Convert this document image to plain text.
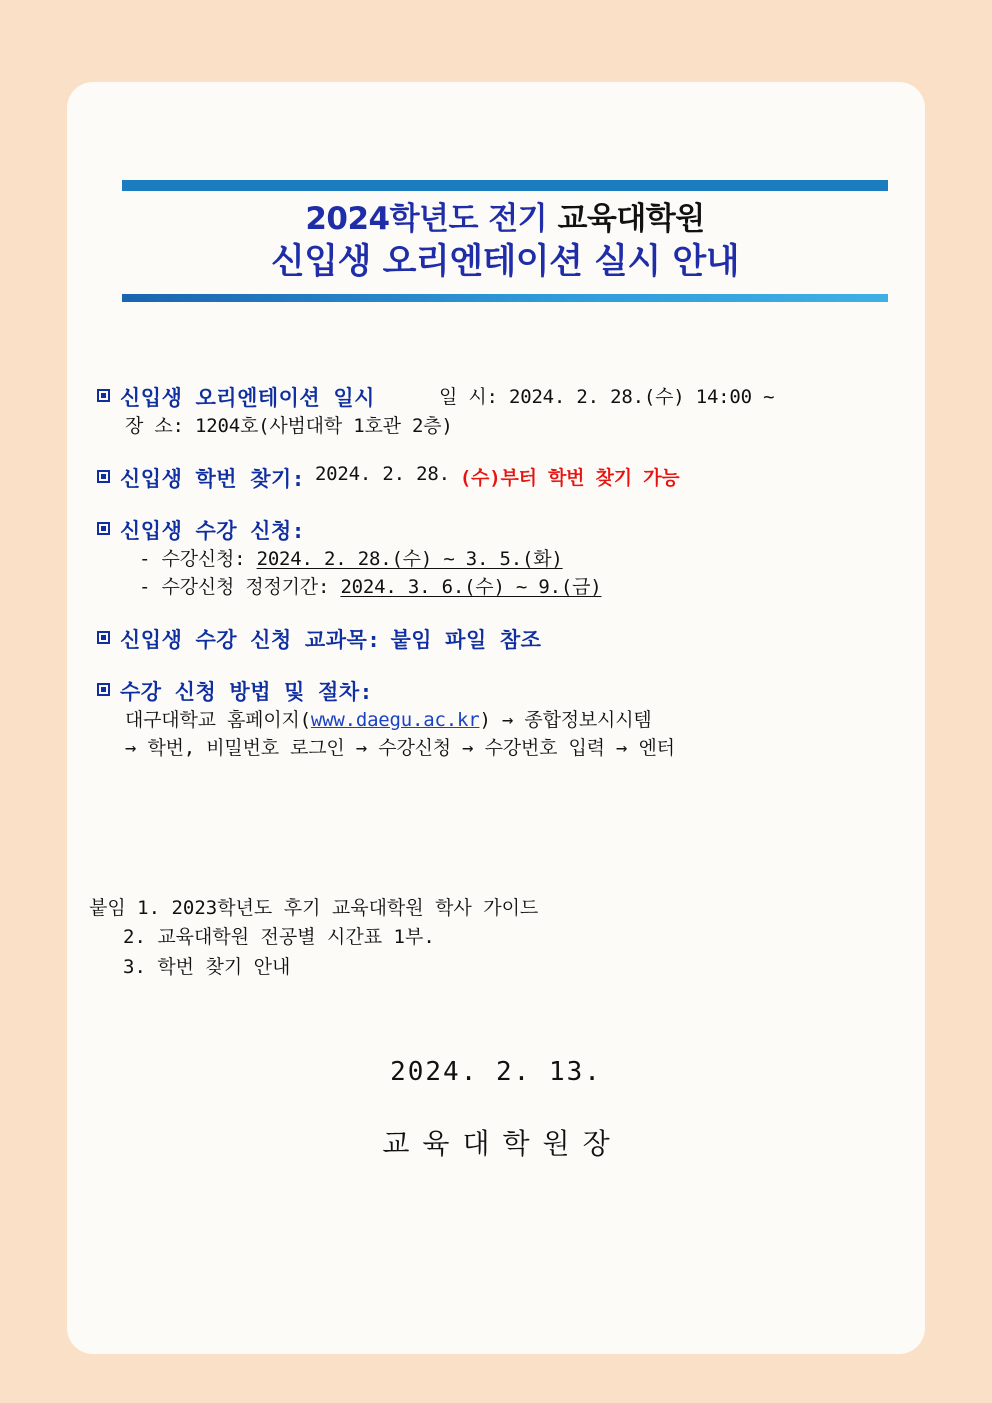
2024학년도 전기 교육대학원
신입생 오리엔테이션 실시 안내
신입생 오리엔테이션 일시	일 시: 2024. 2. 28.(수) 14:00 ~
장 소: 1204호(사범대학 1호관 2층)
신입생 학번 찾기: 2024. 2. 28. (수)부터 학번 찾기 가능
신입생 수강 신청:
- 수강신청: 2024. 2. 28.(수) ~ 3. 5.(화)
- 수강신청 정정기간: 2024. 3. 6.(수) ~ 9.(금)
신입생 수강 신청 교과목: 붙임 파일 참조
수강 신청 방법 및 절차:
대구대학교 홈페이지(www.daegu.ac.kr) → 종합정보시시템
→ 학번, 비밀번호 로그인 → 수강신청 → 수강번호 입력 → 엔터
붙임 1. 2023학년도 후기 교육대학원 학사 가이드
2. 교육대학원 전공별 시간표 1부.
3. 학번 찾기 안내
2024. 2. 13.
교육대학원장
